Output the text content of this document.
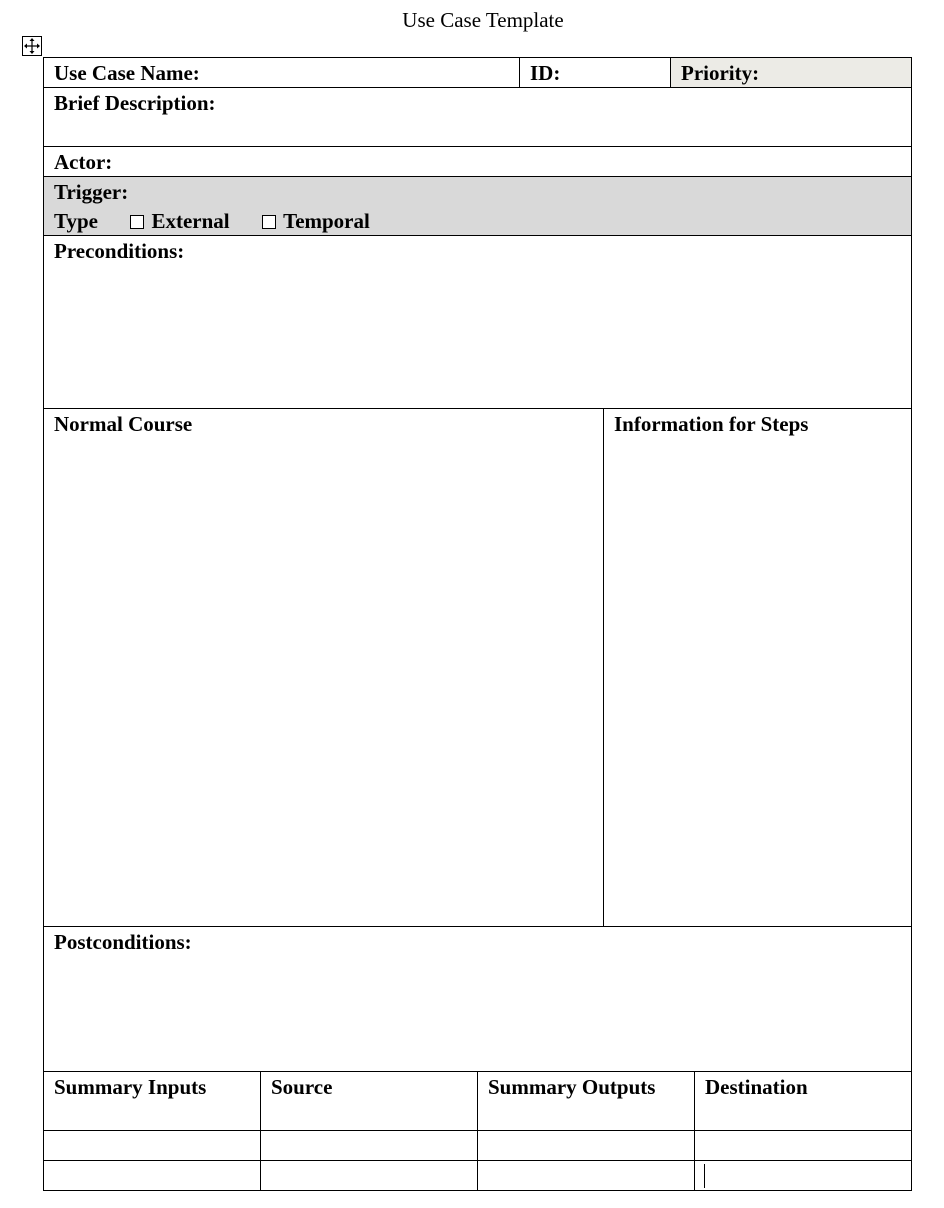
Use Case Template
Use Case Name:	ID:	Priority:
Brief Description:
Actor:
Trigger:
Type	External	Temporal
Preconditions:
Normal Course	Information for Steps
Postconditions:
Summary Inputs	Source	Summary Outputs	Destination
